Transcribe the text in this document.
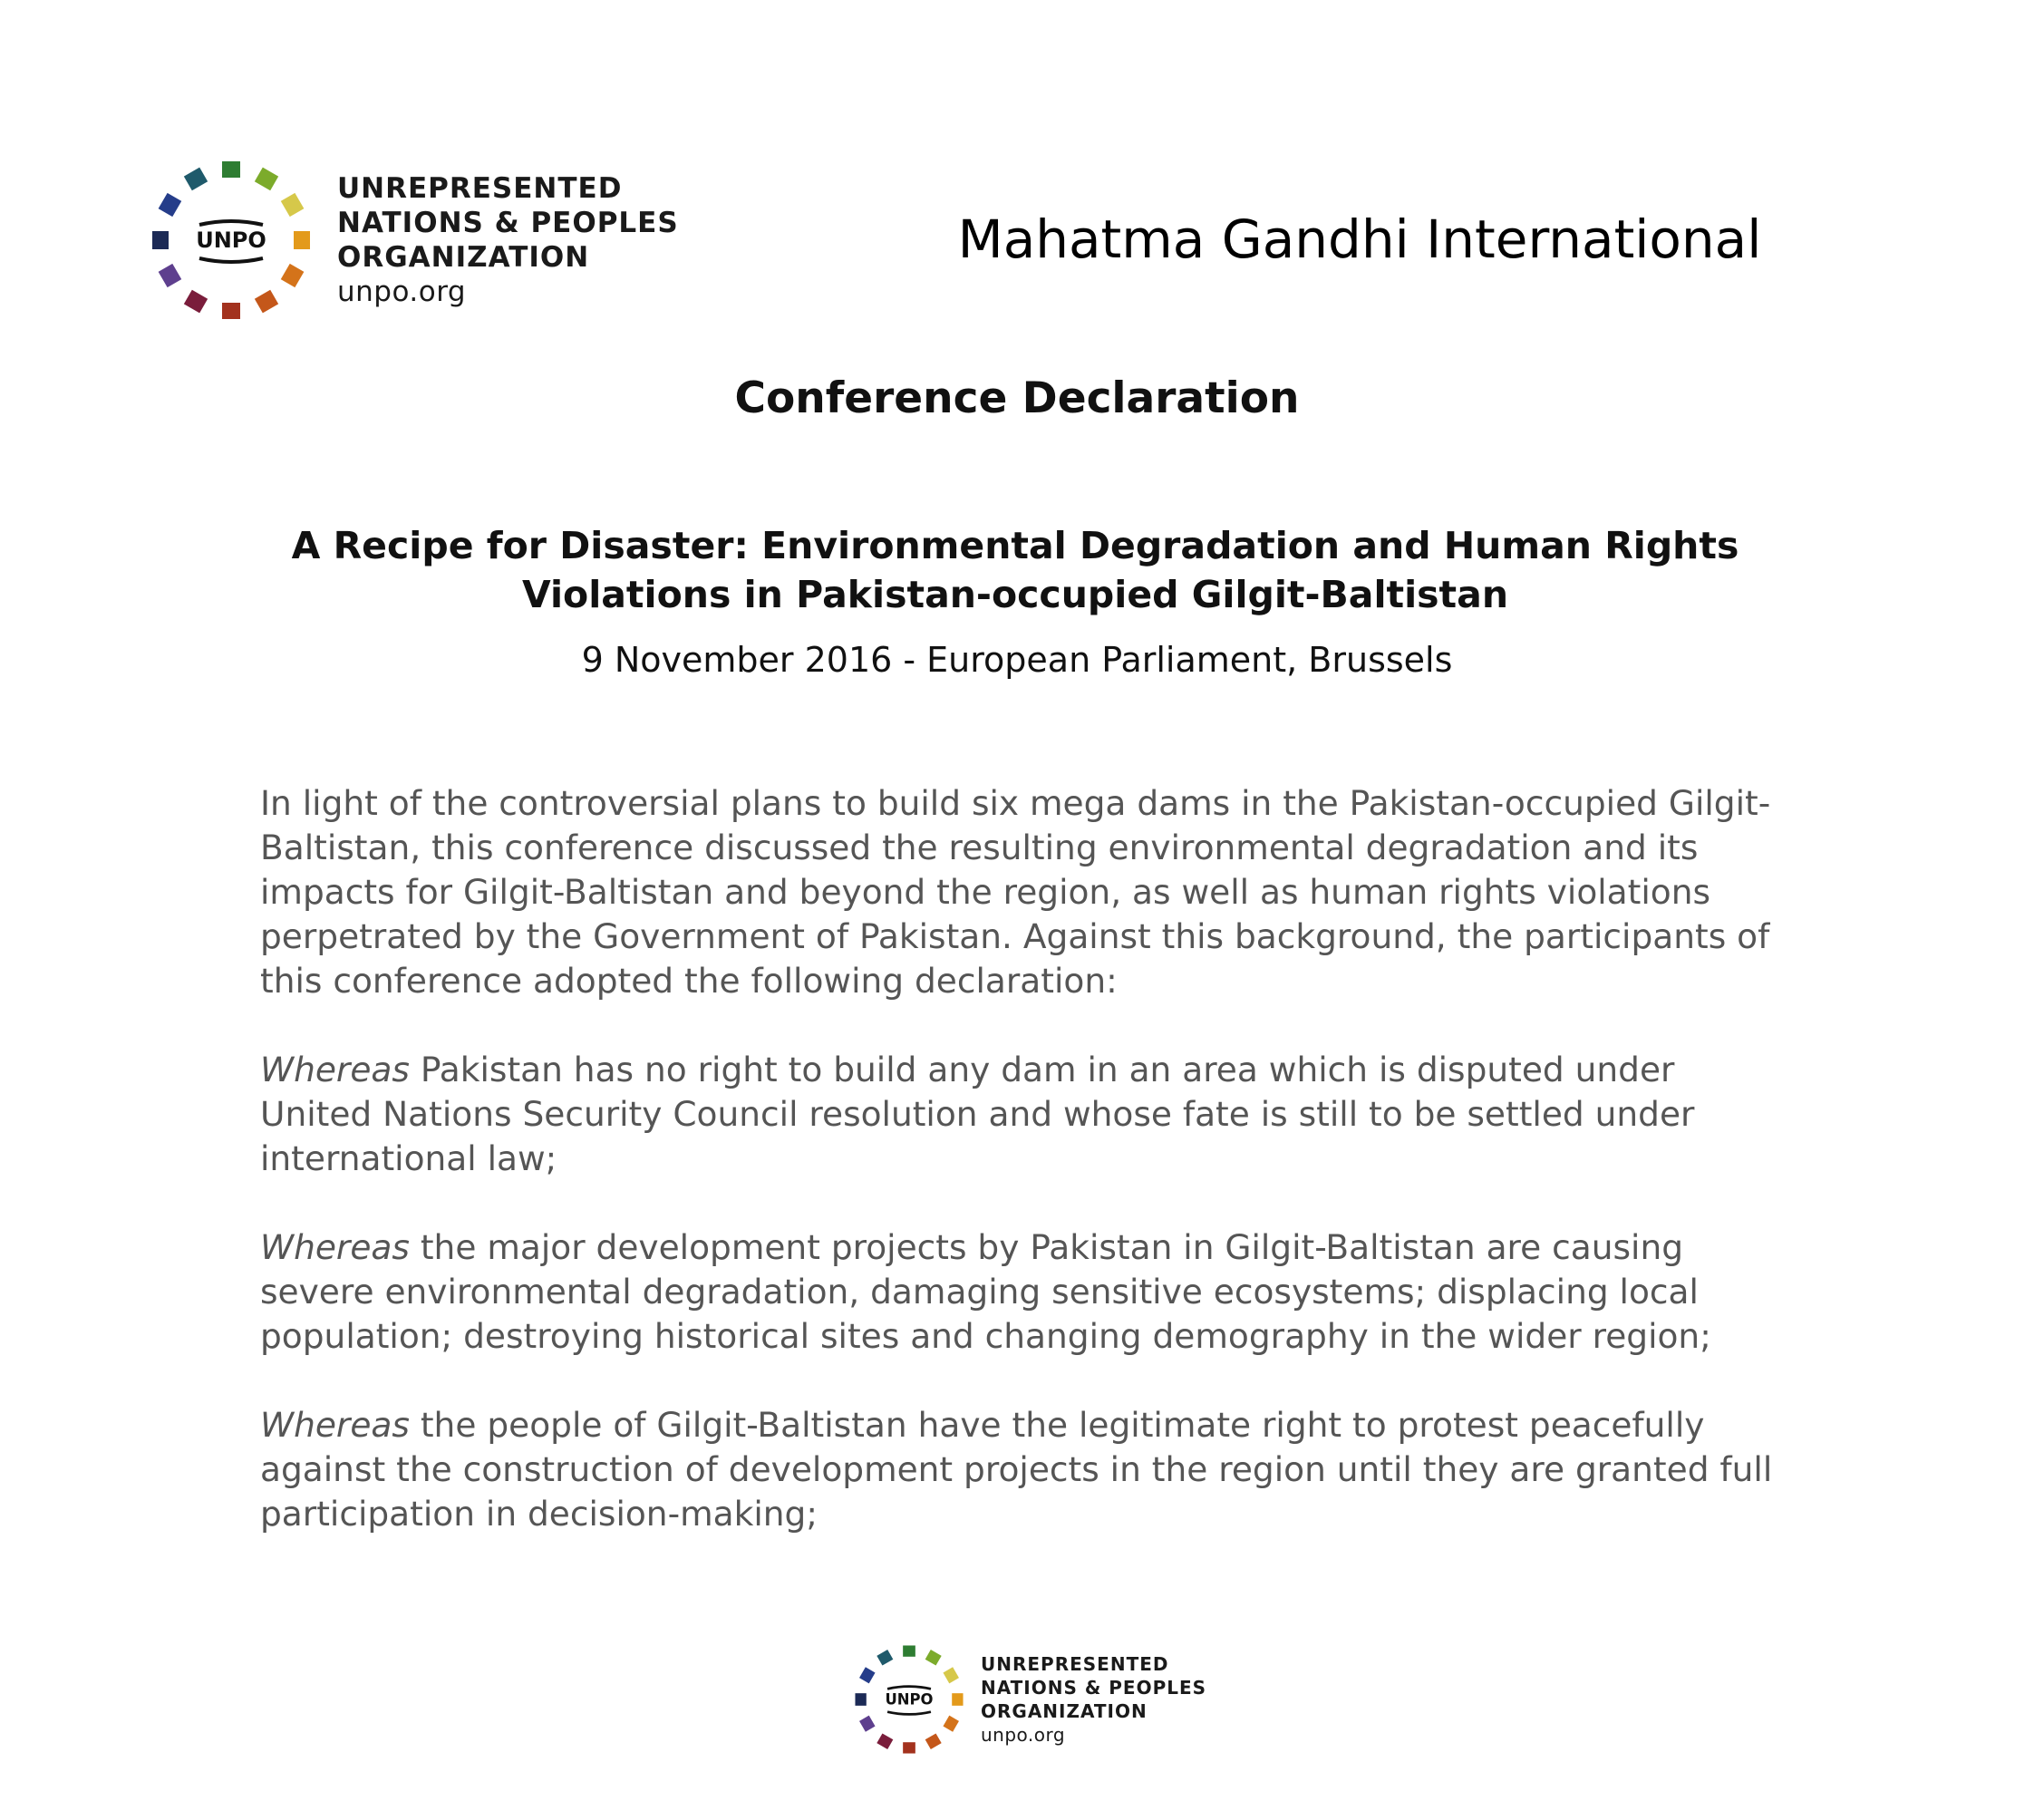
UNPO
UNREPRESENTED
NATIONS & PEOPLES
ORGANIZATION
unpo.org
Mahatma Gandhi International
Conference Declaration
A Recipe for Disaster: Environmental Degradation and Human Rights
Violations in Pakistan-occupied Gilgit-Baltistan
9 November 2016 - European Parliament, Brussels

In light of the controversial plans to build six mega dams in the Pakistan-occupied Gilgit-Baltistan, this conference discussed the resulting environmental degradation and its impacts for Gilgit-Baltistan and beyond the region, as well as human rights violations perpetrated by the Government of Pakistan. Against this background, the participants of this conference adopted the following declaration:

Whereas Pakistan has no right to build any dam in an area which is disputed under United Nations Security Council resolution and whose fate is still to be settled under international law;

Whereas the major development projects by Pakistan in Gilgit-Baltistan are causing severe environmental degradation, damaging sensitive ecosystems; displacing local population; destroying historical sites and changing demography in the wider region;

Whereas the people of Gilgit-Baltistan have the legitimate right to protest peacefully against the construction of development projects in the region until they are granted full participation in decision-making;

UNPO
UNREPRESENTED
NATIONS & PEOPLES
ORGANIZATION
unpo.org
